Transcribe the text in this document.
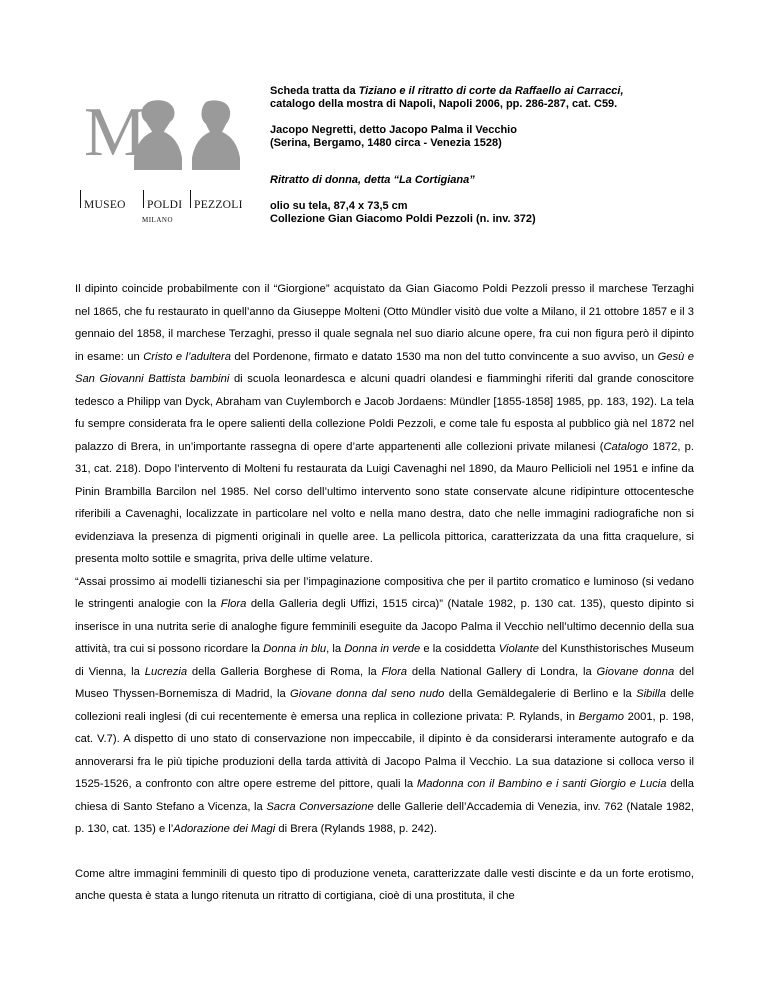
M
MUSEO	POLDI	PEZZOLI
MILANO

Scheda tratta da Tiziano e il ritratto di corte da Raffaello ai Carracci,
catalogo della mostra di Napoli, Napoli 2006, pp. 286-287, cat. C59.

Jacopo Negretti, detto Jacopo Palma il Vecchio
(Serina, Bergamo, 1480 circa - Venezia 1528)

Ritratto di donna, detta “La Cortigiana”

olio su tela, 87,4 x 73,5 cm
Collezione Gian Giacomo Poldi Pezzoli (n. inv. 372)

Il dipinto coincide probabilmente con il “Giorgione” acquistato da Gian Giacomo Poldi Pezzoli presso il marchese Terzaghi nel 1865, che fu restaurato in quell’anno da Giuseppe Molteni (Otto Mündler visitò due volte a Milano, il 21 ottobre 1857 e il 3 gennaio del 1858, il marchese Terzaghi, presso il quale segnala nel suo diario alcune opere, fra cui non figura però il dipinto in esame: un Cristo e l’adultera del Pordenone, firmato e datato 1530 ma non del tutto convincente a suo avviso, un Gesù e San Giovanni Battista bambini di scuola leonardesca e alcuni quadri olandesi e fiamminghi riferiti dal grande conoscitore tedesco a Philipp van Dyck, Abraham van Cuylemborch e Jacob Jordaens: Mündler [1855-1858] 1985, pp. 183, 192). La tela fu sempre considerata fra le opere salienti della collezione Poldi Pezzoli, e come tale fu esposta al pubblico già nel 1872 nel palazzo di Brera, in un’importante rassegna di opere d’arte appartenenti alle collezioni private milanesi (Catalogo 1872, p. 31, cat. 218). Dopo l’intervento di Molteni fu restaurata da Luigi Cavenaghi nel 1890, da Mauro Pellicioli nel 1951 e infine da Pinin Brambilla Barcilon nel 1985. Nel corso dell’ultimo intervento sono state conservate alcune ridipinture ottocentesche riferibili a Cavenaghi, localizzate in particolare nel volto e nella mano destra, dato che nelle immagini radiografiche non si evidenziava la presenza di pigmenti originali in quelle aree. La pellicola pittorica, caratterizzata da una fitta craquelure, si presenta molto sottile e smagrita, priva delle ultime velature.

“Assai prossimo ai modelli tizianeschi sia per l’impaginazione compositiva che per il partito cromatico e luminoso (si vedano le stringenti analogie con la Flora della Galleria degli Uffizi, 1515 circa)” (Natale 1982, p. 130 cat. 135), questo dipinto si inserisce in una nutrita serie di analoghe figure femminili eseguite da Jacopo Palma il Vecchio nell’ultimo decennio della sua attività, tra cui si possono ricordare la Donna in blu, la Donna in verde e la cosiddetta Violante del Kunsthistorisches Museum di Vienna, la Lucrezia della Galleria Borghese di Roma, la Flora della National Gallery di Londra, la Giovane donna del Museo Thyssen-Bornemisza di Madrid, la Giovane donna dal seno nudo della Gemäldegalerie di Berlino e la Sibilla delle collezioni reali inglesi (di cui recentemente è emersa una replica in collezione privata: P. Rylands, in Bergamo 2001, p. 198, cat. V.7). A dispetto di uno stato di conservazione non impeccabile, il dipinto è da considerarsi interamente autografo e da annoverarsi fra le più tipiche produzioni della tarda attività di Jacopo Palma il Vecchio. La sua datazione si colloca verso il 1525-1526, a confronto con altre opere estreme del pittore, quali la Madonna con il Bambino e i santi Giorgio e Lucia della chiesa di Santo Stefano a Vicenza, la Sacra Conversazione delle Gallerie dell’Accademia di Venezia, inv. 762 (Natale 1982, p. 130, cat. 135) e l’Adorazione dei Magi di Brera (Rylands 1988, p. 242).

Come altre immagini femminili di questo tipo di produzione veneta, caratterizzate dalle vesti discinte e da un forte erotismo, anche questa è stata a lungo ritenuta un ritratto di cortigiana, cioè di una prostituta, il che
